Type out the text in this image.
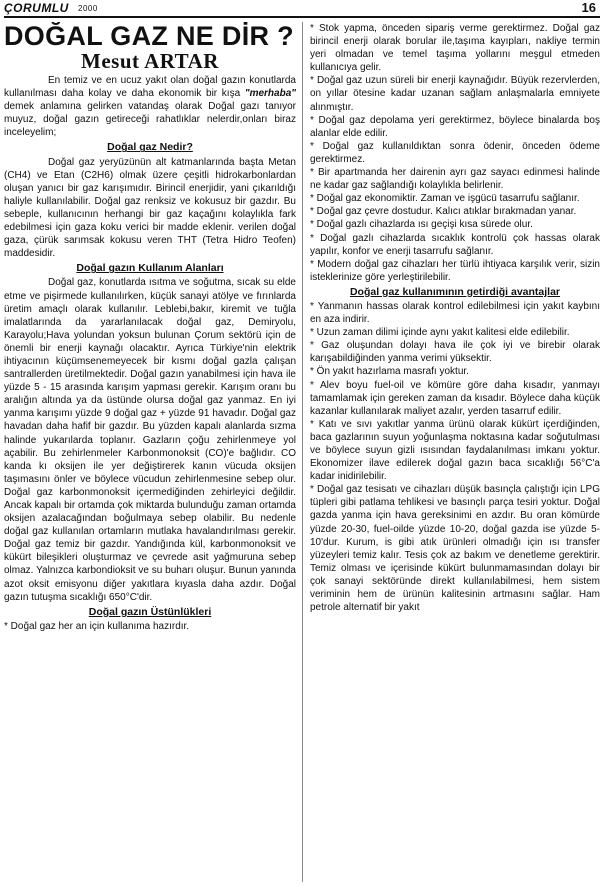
ÇORUMLU 2000	16
DOĞAL GAZ NE DİR ?
Mesut ARTAR

En temiz ve en ucuz yakıt olan doğal gazın konutlarda kullanılması daha kolay ve daha ekonomik bir kışa "merhaba" demek anlamına gelirken vatandaş olarak Doğal gazı tanıyor muyuz, doğal gazın getireceği rahatlıklar nelerdir,onları biraz inceleyelim;

Doğal gaz Nedir?

Doğal gaz yeryüzünün alt katmanlarında başta Metan (CH4) ve Etan (C2H6) olmak üzere çeşitli hidrokarbonlardan oluşan yanıcı bir gaz karışımıdır. Birincil enerjidir, yani çıkarıldığı haliyle kullanılabilir. Doğal gaz renksiz ve kokusuz bir gazdır. Bu sebeple, kullanıcının herhangi bir gaz kaçağını kolaylıkla fark edebilmesi için gaza koku verici bir madde eklenir. verilen doğal gaza, çürük sarımsak kokusu veren THT (Tetra Hidro Teofen) maddesidir.

Doğal gazın Kullanım Alanları

Doğal gaz, konutlarda ısıtma ve soğutma, sıcak su elde etme ve pişirmede kullanılırken, küçük sanayi atölye ve fırınlarda üretim amaçlı olarak kullanılır. Leblebi,bakır, kiremit ve tuğla imalatlarında da yararlanılacak doğal gaz, Demiryolu, Karayolu;Hava yolundan yoksun bulunan Çorum sektörü için de önemli bir enerji kaynağı olacaktır. Ayrıca Türkiye'nin elektrik ihtiyacının küçümsenemeyecek bir kısmı doğal gazla çalışan santrallerden üretilmektedir. Doğal gazın yanabilmesi için hava ile yüzde 5 - 15 arasında karışım yapması gerekir. Karışım oranı bu aralığın altında ya da üstünde olursa doğal gaz yanmaz. En iyi yanma karışımı yüzde 9 doğal gaz + yüzde 91 havadır. Doğal gaz havadan daha hafif bir gazdır. Bu yüzden kapalı alanlarda sızma halinde yukarılarda toplanır. Gazların çoğu zehirlenmeye yol açabilir. Bu zehirlenmeler Karbonmonoksit (CO)'e bağlıdır. CO kanda kı oksijen ile yer değiştirerek kanın vücuda oksijen taşımasını önler ve böylece vücudun zehirlenmesine sebep olur. Doğal gaz karbonmonoksit içermediğinden zehirleyici değildir. Ancak kapalı bir ortamda çok miktarda bulunduğu zaman ortamda oksijen azalacağından boğulmaya sebep olabilir. Bu nedenle doğal gaz kullanılan ortamların mutlaka havalandırılması gerekir. Doğal gaz temiz bir gazdır. Yandığında kül, karbonmonoksit ve kükürt bileşikleri oluşturmaz ve çevrede asit yağmuruna sebep olmaz. Yalnızca karbondioksit ve su buharı oluşur. Bunun yanında azot oksit emisyonu diğer yakıtlara kıyasla daha azdır. Doğal gazın tutuşma sıcaklığı 650°C'dir.

Doğal gazın Üstünlükleri

* Doğal gaz her an için kullanıma hazırdır.

* Stok yapma, önceden sipariş verme gerektirmez. Doğal gaz birincil enerji olarak borular ile,taşıma kayıpları, nakliye termin yeri olmadan ve temel taşıma yollarını meşgul etmeden kullanıcıya gelir.

* Doğal gaz uzun süreli bir enerji kaynağıdır. Büyük rezervlerden, on yıllar ötesine kadar uzanan sağlam anlaşmalarla emniyete alınmıştır.

* Doğal gaz depolama yeri gerektirmez, böylece binalarda boş alanlar elde edilir.

* Doğal gaz kullanıldıktan sonra ödenir, önceden ödeme gerektirmez.

* Bir apartmanda her dairenin ayrı gaz sayacı edinmesi halinde ne kadar gaz sağlandığı kolaylıkla belirlenir.

* Doğal gaz ekonomiktir. Zaman ve işgücü tasarrufu sağlanır.

* Doğal gaz çevre dostudur. Kalıcı atıklar bırakmadan yanar.

* Doğal gazlı cihazlarda ısı geçişi kısa sürede olur.

* Doğal gazlı cihazlarda sıcaklık kontrolü çok hassas olarak yapılır, konfor ve enerji tasarrufu sağlanır.

* Modern doğal gaz cihazları her türlü ihtiyaca karşılık verir, sizin isteklerinize göre yerleştirilebilir.

Doğal gaz kullanımının getirdiği avantajlar

* Yanmanın hassas olarak kontrol edilebilmesi için yakıt kaybını en aza indirir.

* Uzun zaman dilimi içinde aynı yakıt kalitesi elde edilebilir.

* Gaz oluşundan dolayı hava ile çok iyi ve birebir olarak karışabildiğinden yanma verimi yüksektir.

* Ön yakıt hazırlama masrafı yoktur.

* Alev boyu fuel-oil ve kömüre göre daha kısadır, yanmayı tamamlamak için gereken zaman da kısadır. Böylece daha küçük kazanlar kullanılarak maliyet azalır, yerden tasarruf edilir.

* Katı ve sıvı yakıtlar yanma ürünü olarak kükürt içerdiğinden, baca gazlarının suyun yoğunlaşma noktasına kadar soğutulması ve böylece suyun gizli ısısından faydalanılması imkanı yoktur. Ekonomizer ilave edilerek doğal gazın baca sıcaklığı 56°C'a kadar inidirilebilir.

* Doğal gaz tesisatı ve cihazları düşük basınçla çalıştığı için LPG tüpleri gibi patlama tehlikesi ve basınçlı parça tesiri yoktur. Doğal gazda yanma için hava gereksinimi en azdır. Bu oran kömürde yüzde 20-30, fuel-oilde yüzde 10-20, doğal gazda ise yüzde 5-10'dur. Kurum, is gibi atık ürünleri olmadığı için ısı transfer yüzeyleri temiz kalır. Tesis çok az bakım ve denetleme gerektirir. Temiz olması ve içerisinde kükürt bulunmamasından dolayı bir çok sanayi sektöründe direkt kullanılabilmesi, hem sistem veriminin hem de ürünün kalitesinin artmasını sağlar. Ham petrole alternatif bir yakıt
